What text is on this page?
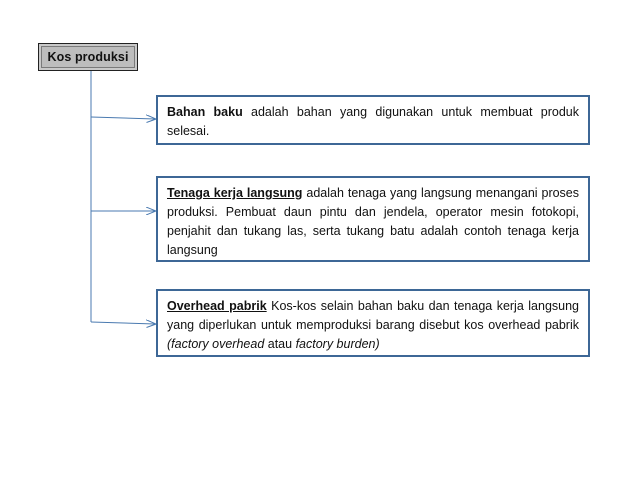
Kos produksi
Bahan baku adalah bahan yang digunakan untuk membuat produk selesai.
Tenaga kerja langsung adalah tenaga yang langsung menangani proses produksi. Pembuat daun pintu dan jendela, operator mesin fotokopi, penjahit dan tukang las, serta tukang batu adalah contoh tenaga kerja langsung
Overhead pabrik Kos-kos selain bahan baku dan tenaga kerja langsung yang diperlukan untuk memproduksi barang disebut kos overhead pabrik (factory overhead atau factory burden)
